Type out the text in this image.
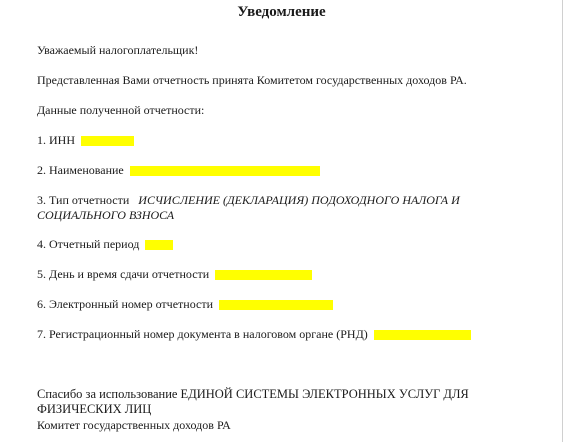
Уведомление
Уважаемый налогоплательщик!
Представленная Вами отчетность принята Комитетом государственных доходов РА.
Данные полученной отчетности:
1. ИНН
2. Наименование
3. Тип отчетности ИСЧИСЛЕНИЕ (ДЕКЛАРАЦИЯ) ПОДОХОДНОГО НАЛОГА И
СОЦИАЛЬНОГО ВЗНОСА
4. Отчетный период
5. День и время сдачи отчетности
6. Электронный номер отчетности
7. Регистрационный номер документа в налоговом органе (РНД)
Спасибо за использование ЕДИНОЙ СИСТЕМЫ ЭЛЕКТРОННЫХ УСЛУГ ДЛЯ
ФИЗИЧЕСКИХ ЛИЦ
Комитет государственных доходов РА
